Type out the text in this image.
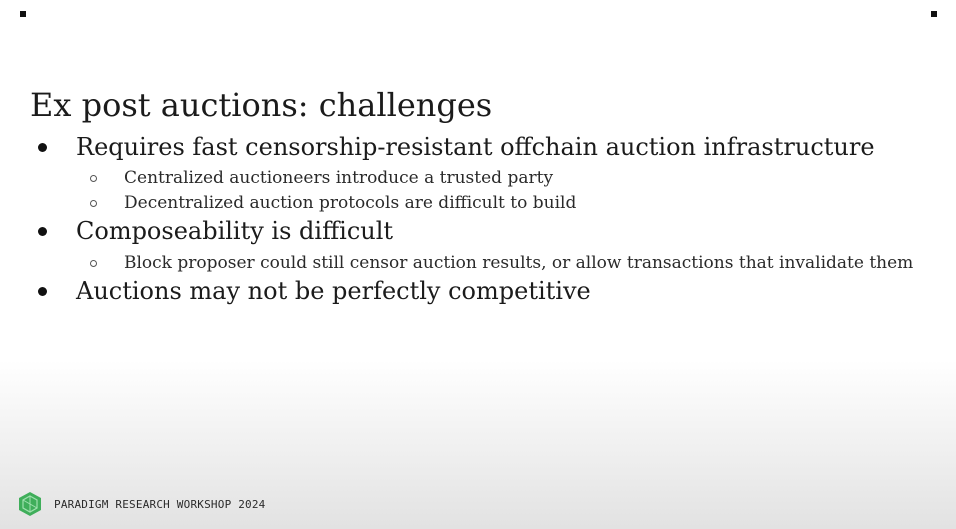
Ex post auctions: challenges
Requires fast censorship-resistant offchain auction infrastructure
Centralized auctioneers introduce a trusted party
Decentralized auction protocols are difficult to build
Composeability is difficult
Block proposer could still censor auction results, or allow transactions that invalidate them
Auctions may not be perfectly competitive
PARADIGM RESEARCH WORKSHOP 2024
